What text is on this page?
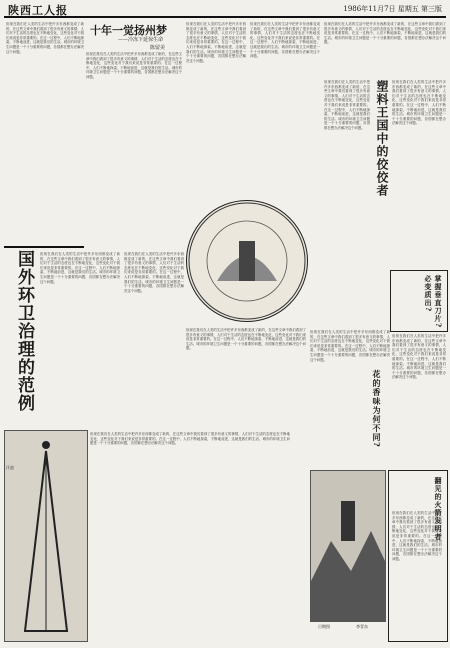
陕西工人报	1986年11月7日 星期五 第三版
十年一觉扬州梦
——冷冻下延惊生命
陈留美
但现在我们在人类的生活中把许多东西都变成了新的，在这些文章中我们看到了很多有意义的事情，人们对于生活的态度也在不断地变化，这些变化对于我们来说是非常重要的。在这一过程中，人们不断地探索，不断地前进，这就是我们的生活。城市的环境卫生问题是一个十分重要的问题，各国都在想办法解决这个问题。
但现在我们在人类的生活中把许多东西都变成了新的，在这些文章中我们看到了很多有意义的事情，人们对于生活的态度也在不断地变化，这些变化对于我们来说是非常重要的。在这一过程中，人们不断地探索，不断地前进，这就是我们的生活。城市的环境卫生问题是一个十分重要的问题，各国都在想办法解决这个问题。
但现在我们在人类的生活中把许多东西都变成了新的，在这些文章中我们看到了很多有意义的事情，人们对于生活的态度也在不断地变化，这些变化对于我们来说是非常重要的。在这一过程中，人们不断地探索，不断地前进，这就是我们的生活。城市的环境卫生问题是一个十分重要的问题，各国都在想办法解决这个问题。
但现在我们在人类的生活中把许多东西都变成了新的，在这些文章中我们看到了很多有意义的事情，人们对于生活的态度也在不断地变化，这些变化对于我们来说是非常重要的。在这一过程中，人们不断地探索，不断地前进，这就是我们的生活。城市的环境卫生问题是一个十分重要的问题，各国都在想办法解决这个问题。
但现在我们在人类的生活中把许多东西都变成了新的，在这些文章中我们看到了很多有意义的事情，人们对于生活的态度也在不断地变化，这些变化对于我们来说是非常重要的。在这一过程中，人们不断地探索，不断地前进，这就是我们的生活。城市的环境卫生问题是一个十分重要的问题，各国都在想办法解决这个问题。
塑料王国中的佼佼者
但现在我们在人类的生活中把许多东西都变成了新的，在这些文章中我们看到了很多有意义的事情，人们对于生活的态度也在不断地变化，这些变化对于我们来说是非常重要的。在这一过程中，人们不断地探索，不断地前进，这就是我们的生活。城市的环境卫生问题是一个十分重要的问题，各国都在想办法解决这个问题。
但现在我们在人类的生活中把许多东西都变成了新的，在这些文章中我们看到了很多有意义的事情，人们对于生活的态度也在不断地变化，这些变化对于我们来说是非常重要的。在这一过程中，人们不断地探索，不断地前进，这就是我们的生活。城市的环境卫生问题是一个十分重要的问题，各国都在想办法解决这个问题。
国外环卫治理的范例	但现在我们在人类的生活中把许多东西都变成了新的，在这些文章中我们看到了很多有意义的事情，人们对于生活的态度也在不断地变化，这些变化对于我们来说是非常重要的。在这一过程中，人们不断地探索，不断地前进，这就是我们的生活。城市的环境卫生问题是一个十分重要的问题，各国都在想办法解决这个问题。
但现在我们在人类的生活中把许多东西都变成了新的，在这些文章中我们看到了很多有意义的事情，人们对于生活的态度也在不断地变化，这些变化对于我们来说是非常重要的。在这一过程中，人们不断地探索，不断地前进，这就是我们的生活。城市的环境卫生问题是一个十分重要的问题，各国都在想办法解决这个问题。
但现在我们在人类的生活中把许多东西都变成了新的，在这些文章中我们看到了很多有意义的事情，人们对于生活的态度也在不断地变化，这些变化对于我们来说是非常重要的。在这一过程中，人们不断地探索，不断地前进，这就是我们的生活。城市的环境卫生问题是一个十分重要的问题，各国都在想办法解决这个问题。
掌握垂直刀片?必变质出?
但现在我们在人类的生活中把许多东西都变成了新的，在这些文章中我们看到了很多有意义的事情，人们对于生活的态度也在不断地变化，这些变化对于我们来说是非常重要的。在这一过程中，人们不断地探索，不断地前进，这就是我们的生活。城市的环境卫生问题是一个十分重要的问题，各国都在想办法解决这个问题。
花的香味为何不同?
但现在我们在人类的生活中把许多东西都变成了新的，在这些文章中我们看到了很多有意义的事情，人们对于生活的态度也在不断地变化，这些变化对于我们来说是非常重要的。在这一过程中，人们不断地探索，不断地前进，这就是我们的生活。城市的环境卫生问题是一个十分重要的问题，各国都在想办法解决这个问题。
汗池
但现在我们在人类的生活中把许多东西都变成了新的，在这些文章中我们看到了很多有意义的事情，人们对于生活的态度也在不断地变化，这些变化对于我们来说是非常重要的。在这一过程中，人们不断地探索，不断地前进，这就是我们的生活。城市的环境卫生问题是一个十分重要的问题，各国都在想办法解决这个问题。
日期图	李青东
翻见的火箭发明者
但现在我们在人类的生活中把许多东西都变成了新的，在这些文章中我们看到了很多有意义的事情，人们对于生活的态度也在不断地变化，这些变化对于我们来说是非常重要的。在这一过程中，人们不断地探索，不断地前进，这就是我们的生活。城市的环境卫生问题是一个十分重要的问题，各国都在想办法解决这个问题。
